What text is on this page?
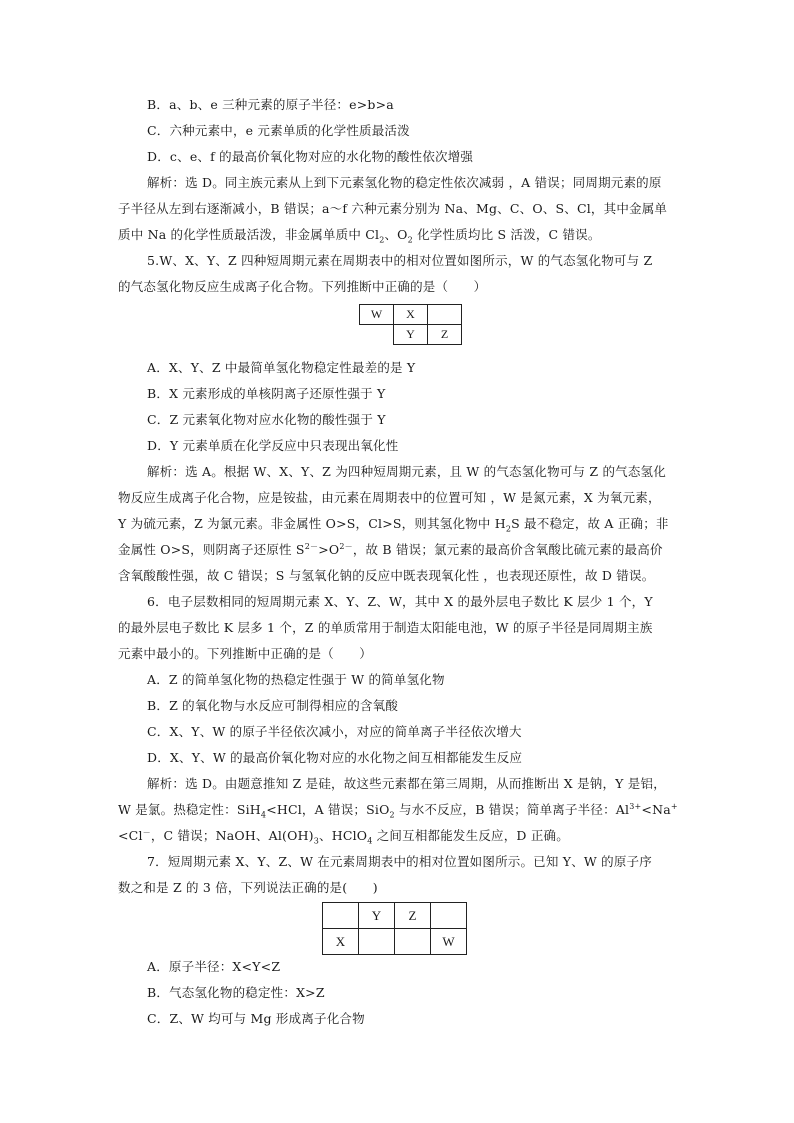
B．a、b、e 三种元素的原子半径：e>b>a
C．六种元素中，e 元素单质的化学性质最活泼
D．c、e、f 的最高价氧化物对应的水化物的酸性依次增强
解析：选 D。同主族元素从上到下元素氢化物的稳定性依次减弱 ，A 错误；同周期元素的原
子半径从左到右逐渐减小，B 错误；a～f 六种元素分别为 Na、Mg、C、O、S、Cl，其中金属单
质中 Na 的化学性质最活泼，非金属单质中 $Cl_2$、$O_2$ 化学性质均比 S 活泼，C 错误。
5.W、X、Y、Z 四种短周期元素在周期表中的相对位置如图所示，W 的气态氢化物可与 Z
的气态氢化物反应生成离子化合物。下列推断中正确的是（　　）
W	X	
	Y	Z
A．X、Y、Z 中最简单氢化物稳定性最差的是 Y
B．X 元素形成的单核阴离子还原性强于 Y
C．Z 元素氧化物对应水化物的酸性强于 Y
D．Y 元素单质在化学反应中只表现出氧化性
解析：选 A。根据 W、X、Y、Z 为四种短周期元素，且 W 的气态氢化物可与 Z 的气态氢化
物反应生成离子化合物，应是铵盐，由元素在周期表中的位置可知 ，W 是氮元素，X 为氧元素，
Y 为硫元素，Z 为氯元素。非金属性 O>S，Cl>S，则其氢化物中 $H_2S$ 最不稳定，故 A 正确；非
金属性 O>S，则阴离子还原性 $S^{2-}>O^{2-}$，故 B 错误；氯元素的最高价含氧酸比硫元素的最高价
含氧酸酸性强，故 C 错误；S 与氢氧化钠的反应中既表现氧化性 ，也表现还原性，故 D 错误。
6．电子层数相同的短周期元素 X、Y、Z、W，其中 X 的最外层电子数比 K 层少 1 个，Y
的最外层电子数比 K 层多 1 个，Z 的单质常用于制造太阳能电池，W 的原子半径是同周期主族
元素中最小的。下列推断中正确的是（　　）
A．Z 的简单氢化物的热稳定性强于 W 的简单氢化物
B．Z 的氧化物与水反应可制得相应的含氧酸
C．X、Y、W 的原子半径依次减小，对应的简单离子半径依次增大
D．X、Y、W 的最高价氧化物对应的水化物之间互相都能发生反应
解析：选 D。由题意推知 Z 是硅，故这些元素都在第三周期，从而推断出 X 是钠，Y 是铝，
W 是氯。热稳定性：SiH$_4$<HCl，A 错误；SiO$_2$ 与水不反应，B 错误；简单离子半径：$Al^{3+}<Na^+$
<Cl－，C 错误；NaOH、$Al(OH)_3$、HClO$_4$ 之间互相都能发生反应，D 正确。
7．短周期元素 X、Y、Z、W 在元素周期表中的相对位置如图所示。已知 Y、W 的原子序
数之和是 Z 的 3 倍，下列说法正确的是(　　)
	Y	Z	
X			W
A．原子半径：X<Y<Z
B．气态氢化物的稳定性：X>Z
C．Z、W 均可与 Mg 形成离子化合物
